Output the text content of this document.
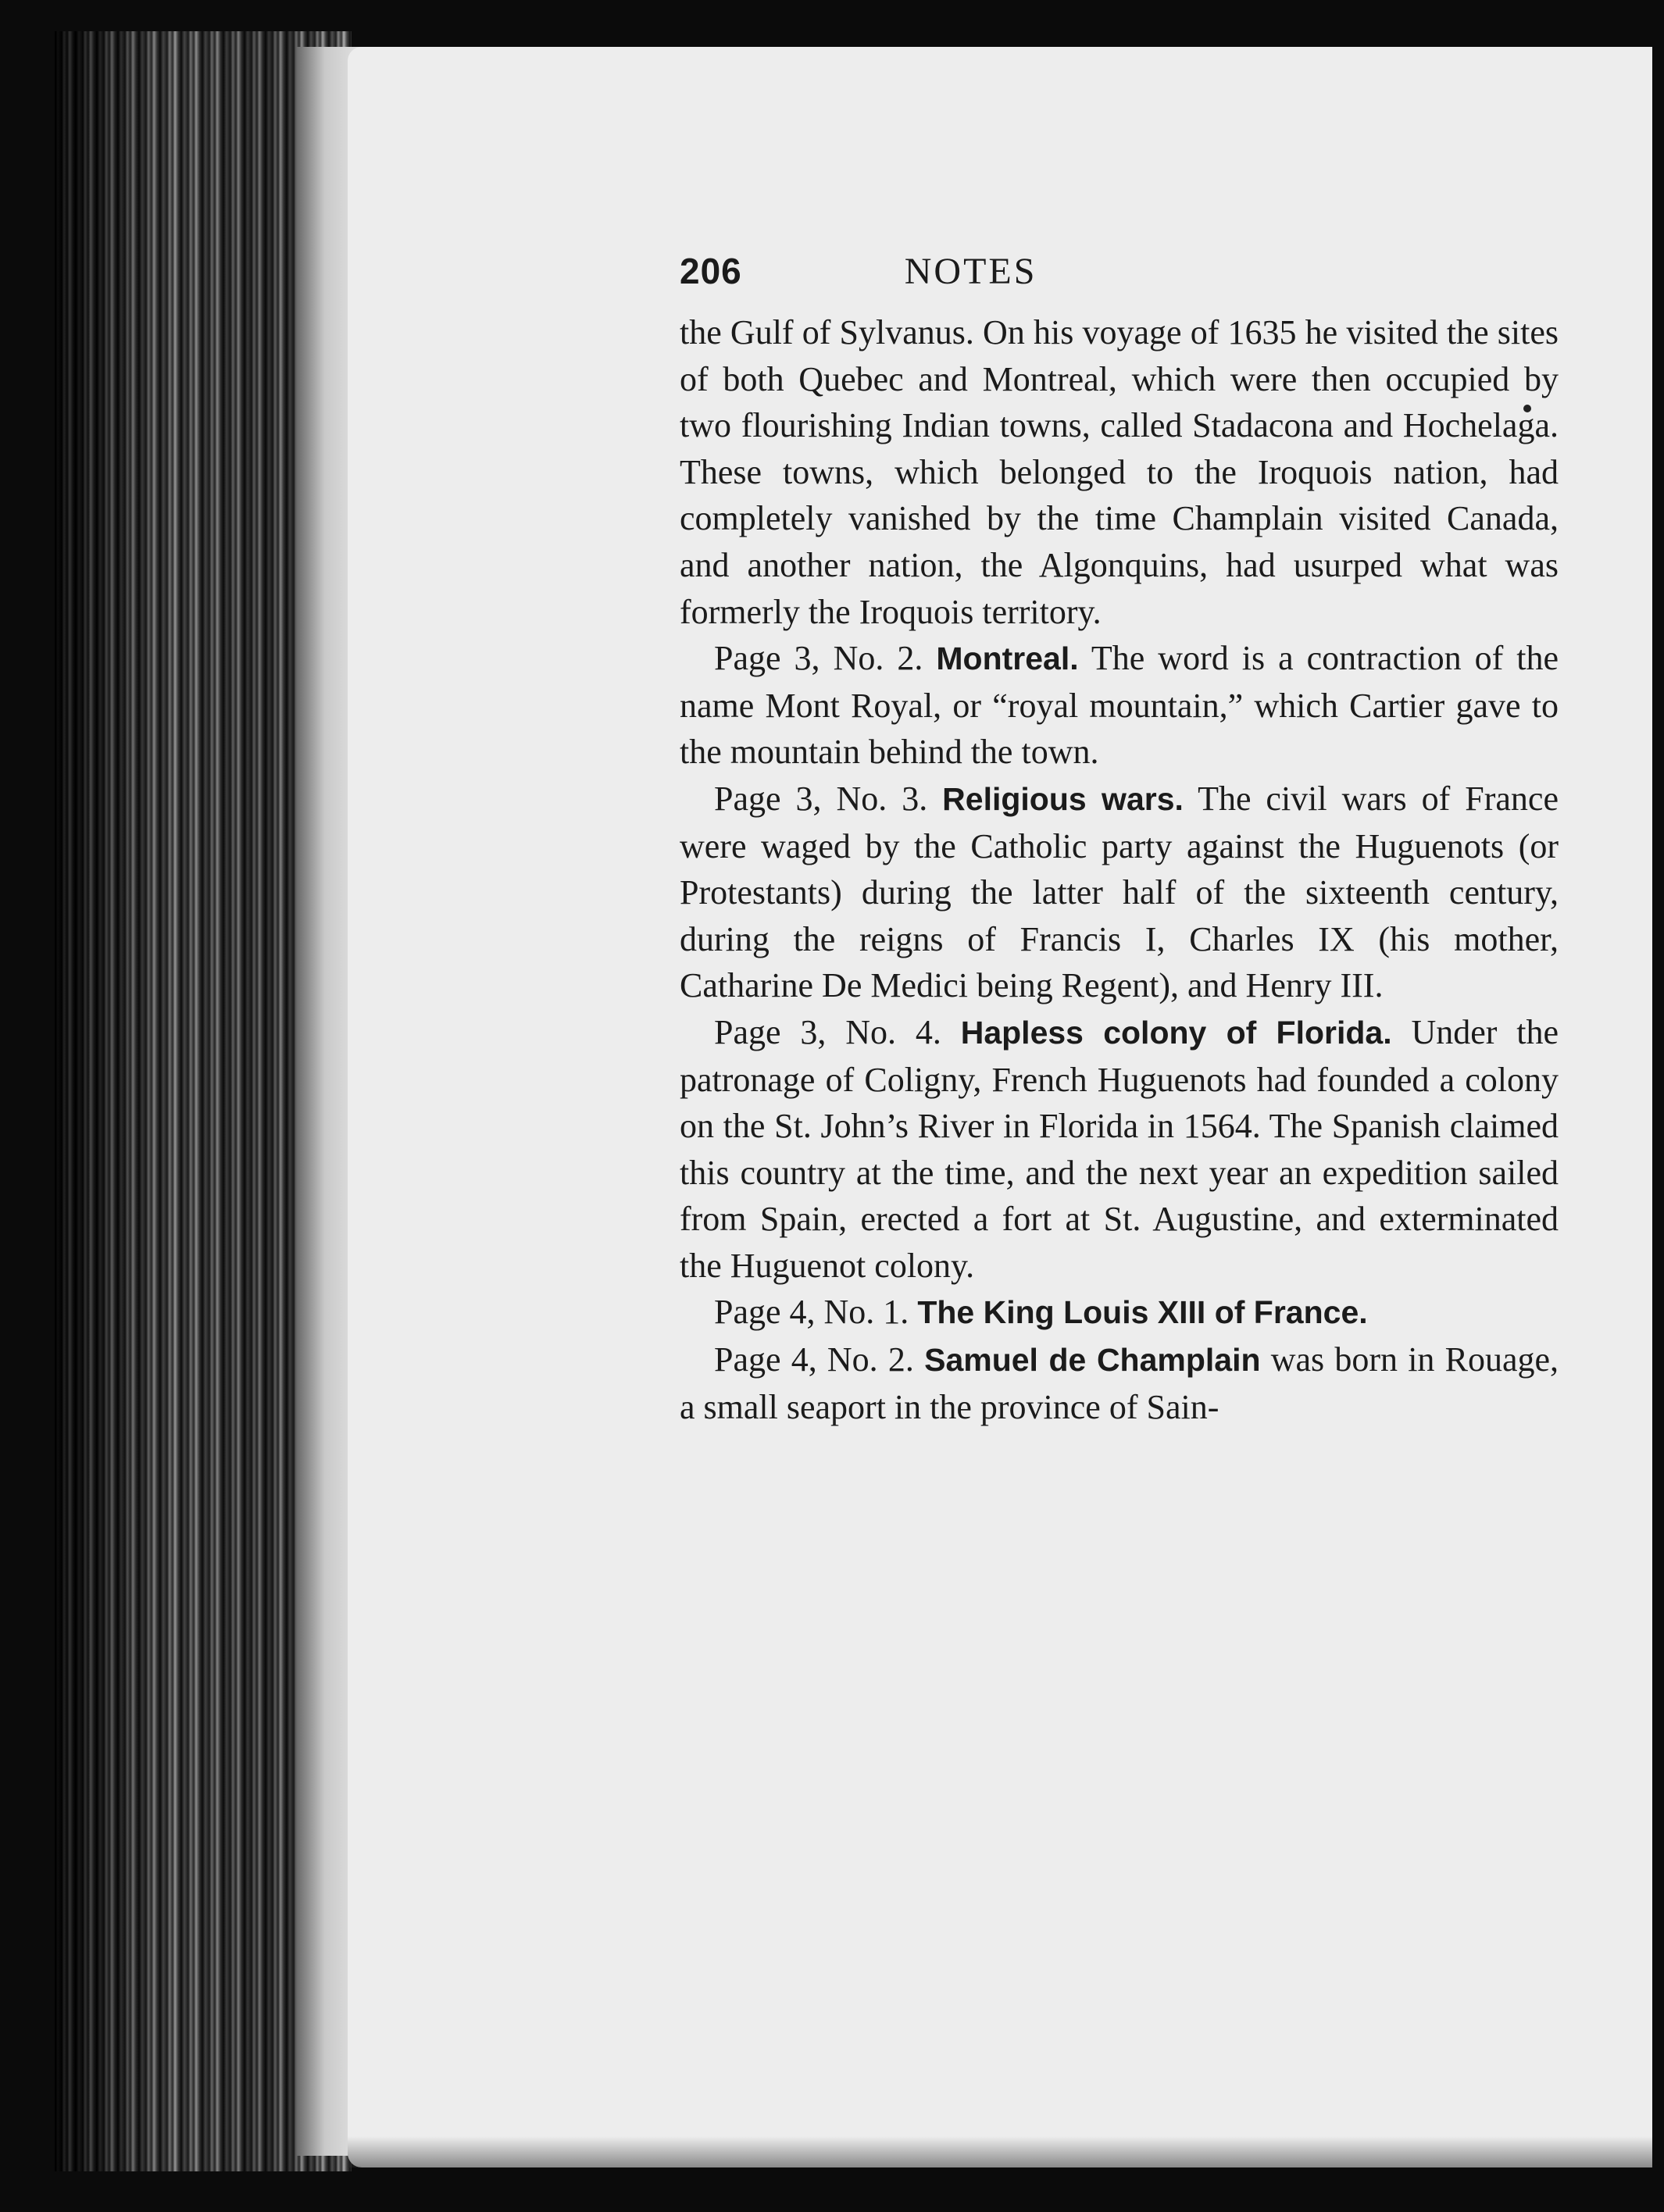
206	NOTES

the Gulf of Sylvanus. On his voyage of 1635 he visited the sites of both Quebec and Montreal, which were then occupied by two flourishing Indian towns, called Stadacona and Hochelaga. These towns, which belonged to the Iroquois nation, had completely vanished by the time Champlain visited Canada, and another nation, the Algonquins, had usurped what was formerly the Iroquois territory.

Page 3, No. 2. Montreal. The word is a contraction of the name Mont Royal, or “royal mountain,” which Cartier gave to the mountain behind the town.

Page 3, No. 3. Religious wars. The civil wars of France were waged by the Catholic party against the Huguenots (or Protestants) during the latter half of the sixteenth century, during the reigns of Francis I, Charles IX (his mother, Catharine De Medici being Regent), and Henry III.

Page 3, No. 4. Hapless colony of Florida. Under the patronage of Coligny, French Huguenots had founded a colony on the St. John’s River in Florida in 1564. The Spanish claimed this country at the time, and the next year an expedition sailed from Spain, erected a fort at St. Augustine, and exterminated the Huguenot colony.

Page 4, No. 1. The King Louis XIII of France.

Page 4, No. 2. Samuel de Champlain was born in Rouage, a small seaport in the province of Sain-
